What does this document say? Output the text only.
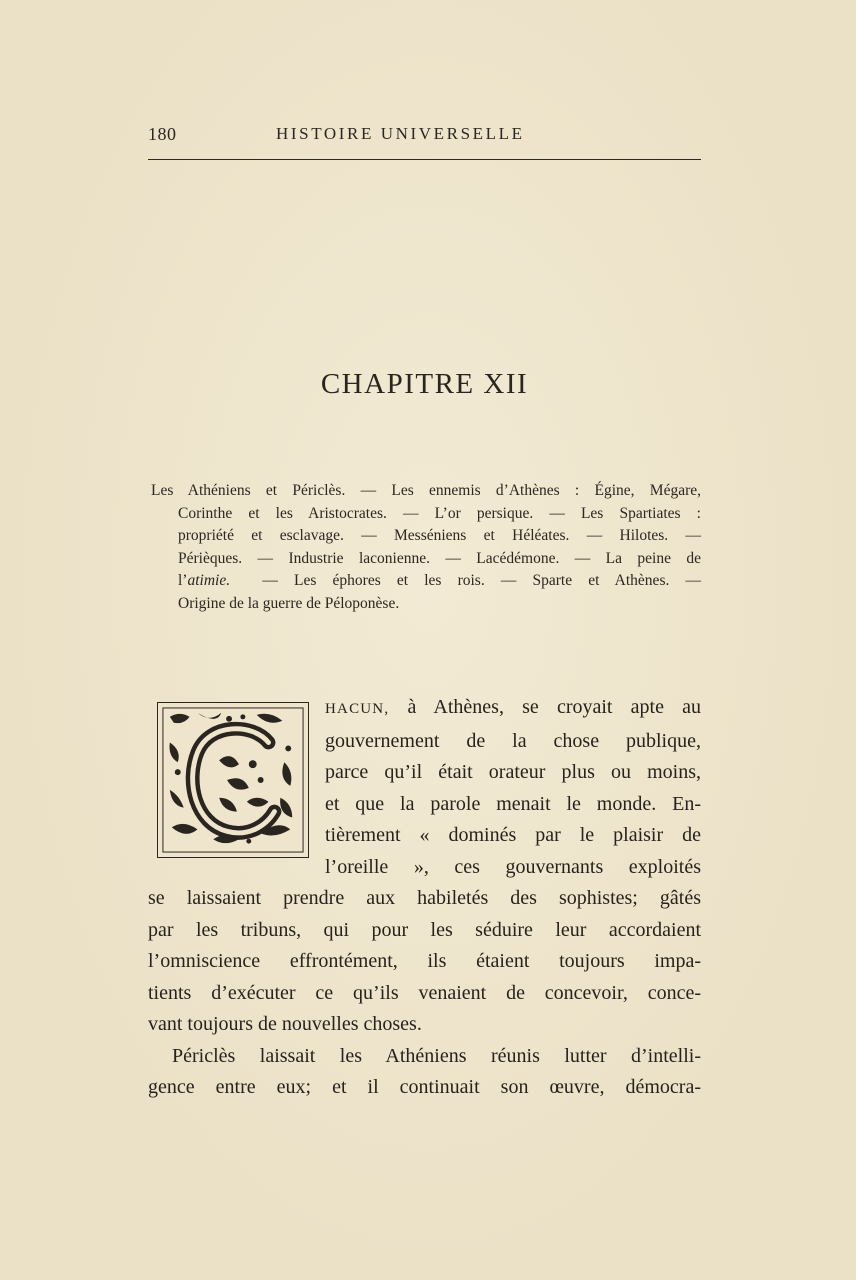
180	HISTOIRE UNIVERSELLE
CHAPITRE XII
Les Athéniens et Périclès. — Les ennemis d’Athènes : Égine, Mégare,
Corinthe et les Aristocrates. — L’or persique. — Les Spartiates :
propriété et esclavage. — Messéniens et Héléates. — Hilotes. —
Périèques. — Industrie laconienne. — Lacédémone. — La peine de
l’atimie. — Les éphores et les rois. — Sparte et Athènes. —
Origine de la guerre de Péloponèse.
HACUN, à Athènes, se croyait apte au
gouvernement de la chose publique,
parce qu’il était orateur plus ou moins,
et que la parole menait le monde. En-
tièrement « dominés par le plaisir de
l’oreille », ces gouvernants exploités
se laissaient prendre aux habiletés des sophistes; gâtés
par les tribuns, qui pour les séduire leur accordaient
l’omniscience effrontément, ils étaient toujours impa-
tients d’exécuter ce qu’ils venaient de concevoir, conce-
vant toujours de nouvelles choses.
Périclès laissait les Athéniens réunis lutter d’intelli-
gence entre eux; et il continuait son œuvre, démocra-
